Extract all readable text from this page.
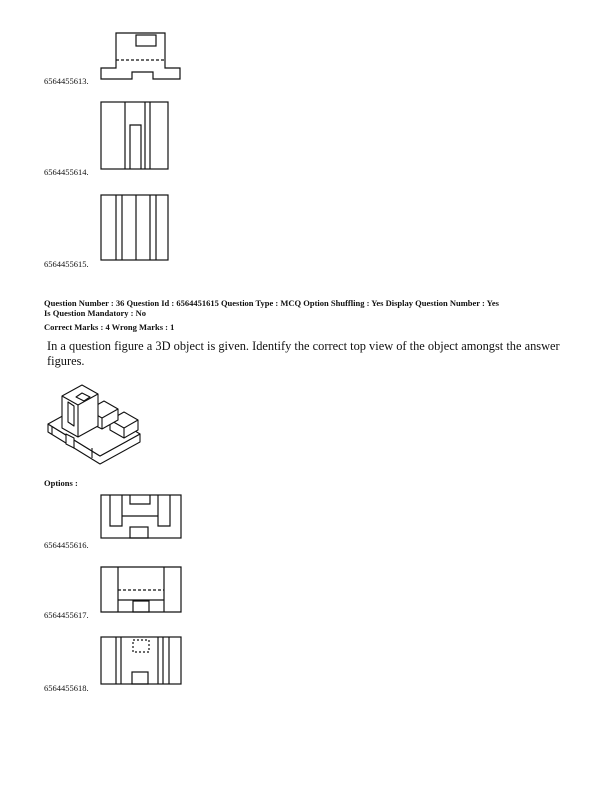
6564455613.
6564455614.
6564455615.
Question Number : 36 Question Id : 6564451615 Question Type : MCQ Option Shuffling : Yes Display Question Number : Yes
Is Question Mandatory : No
Correct Marks : 4 Wrong Marks : 1
In a question figure a 3D object is given. Identify the correct top view of the object amongst the answer figures.
Options :
6564455616.
6564455617.
6564455618.
